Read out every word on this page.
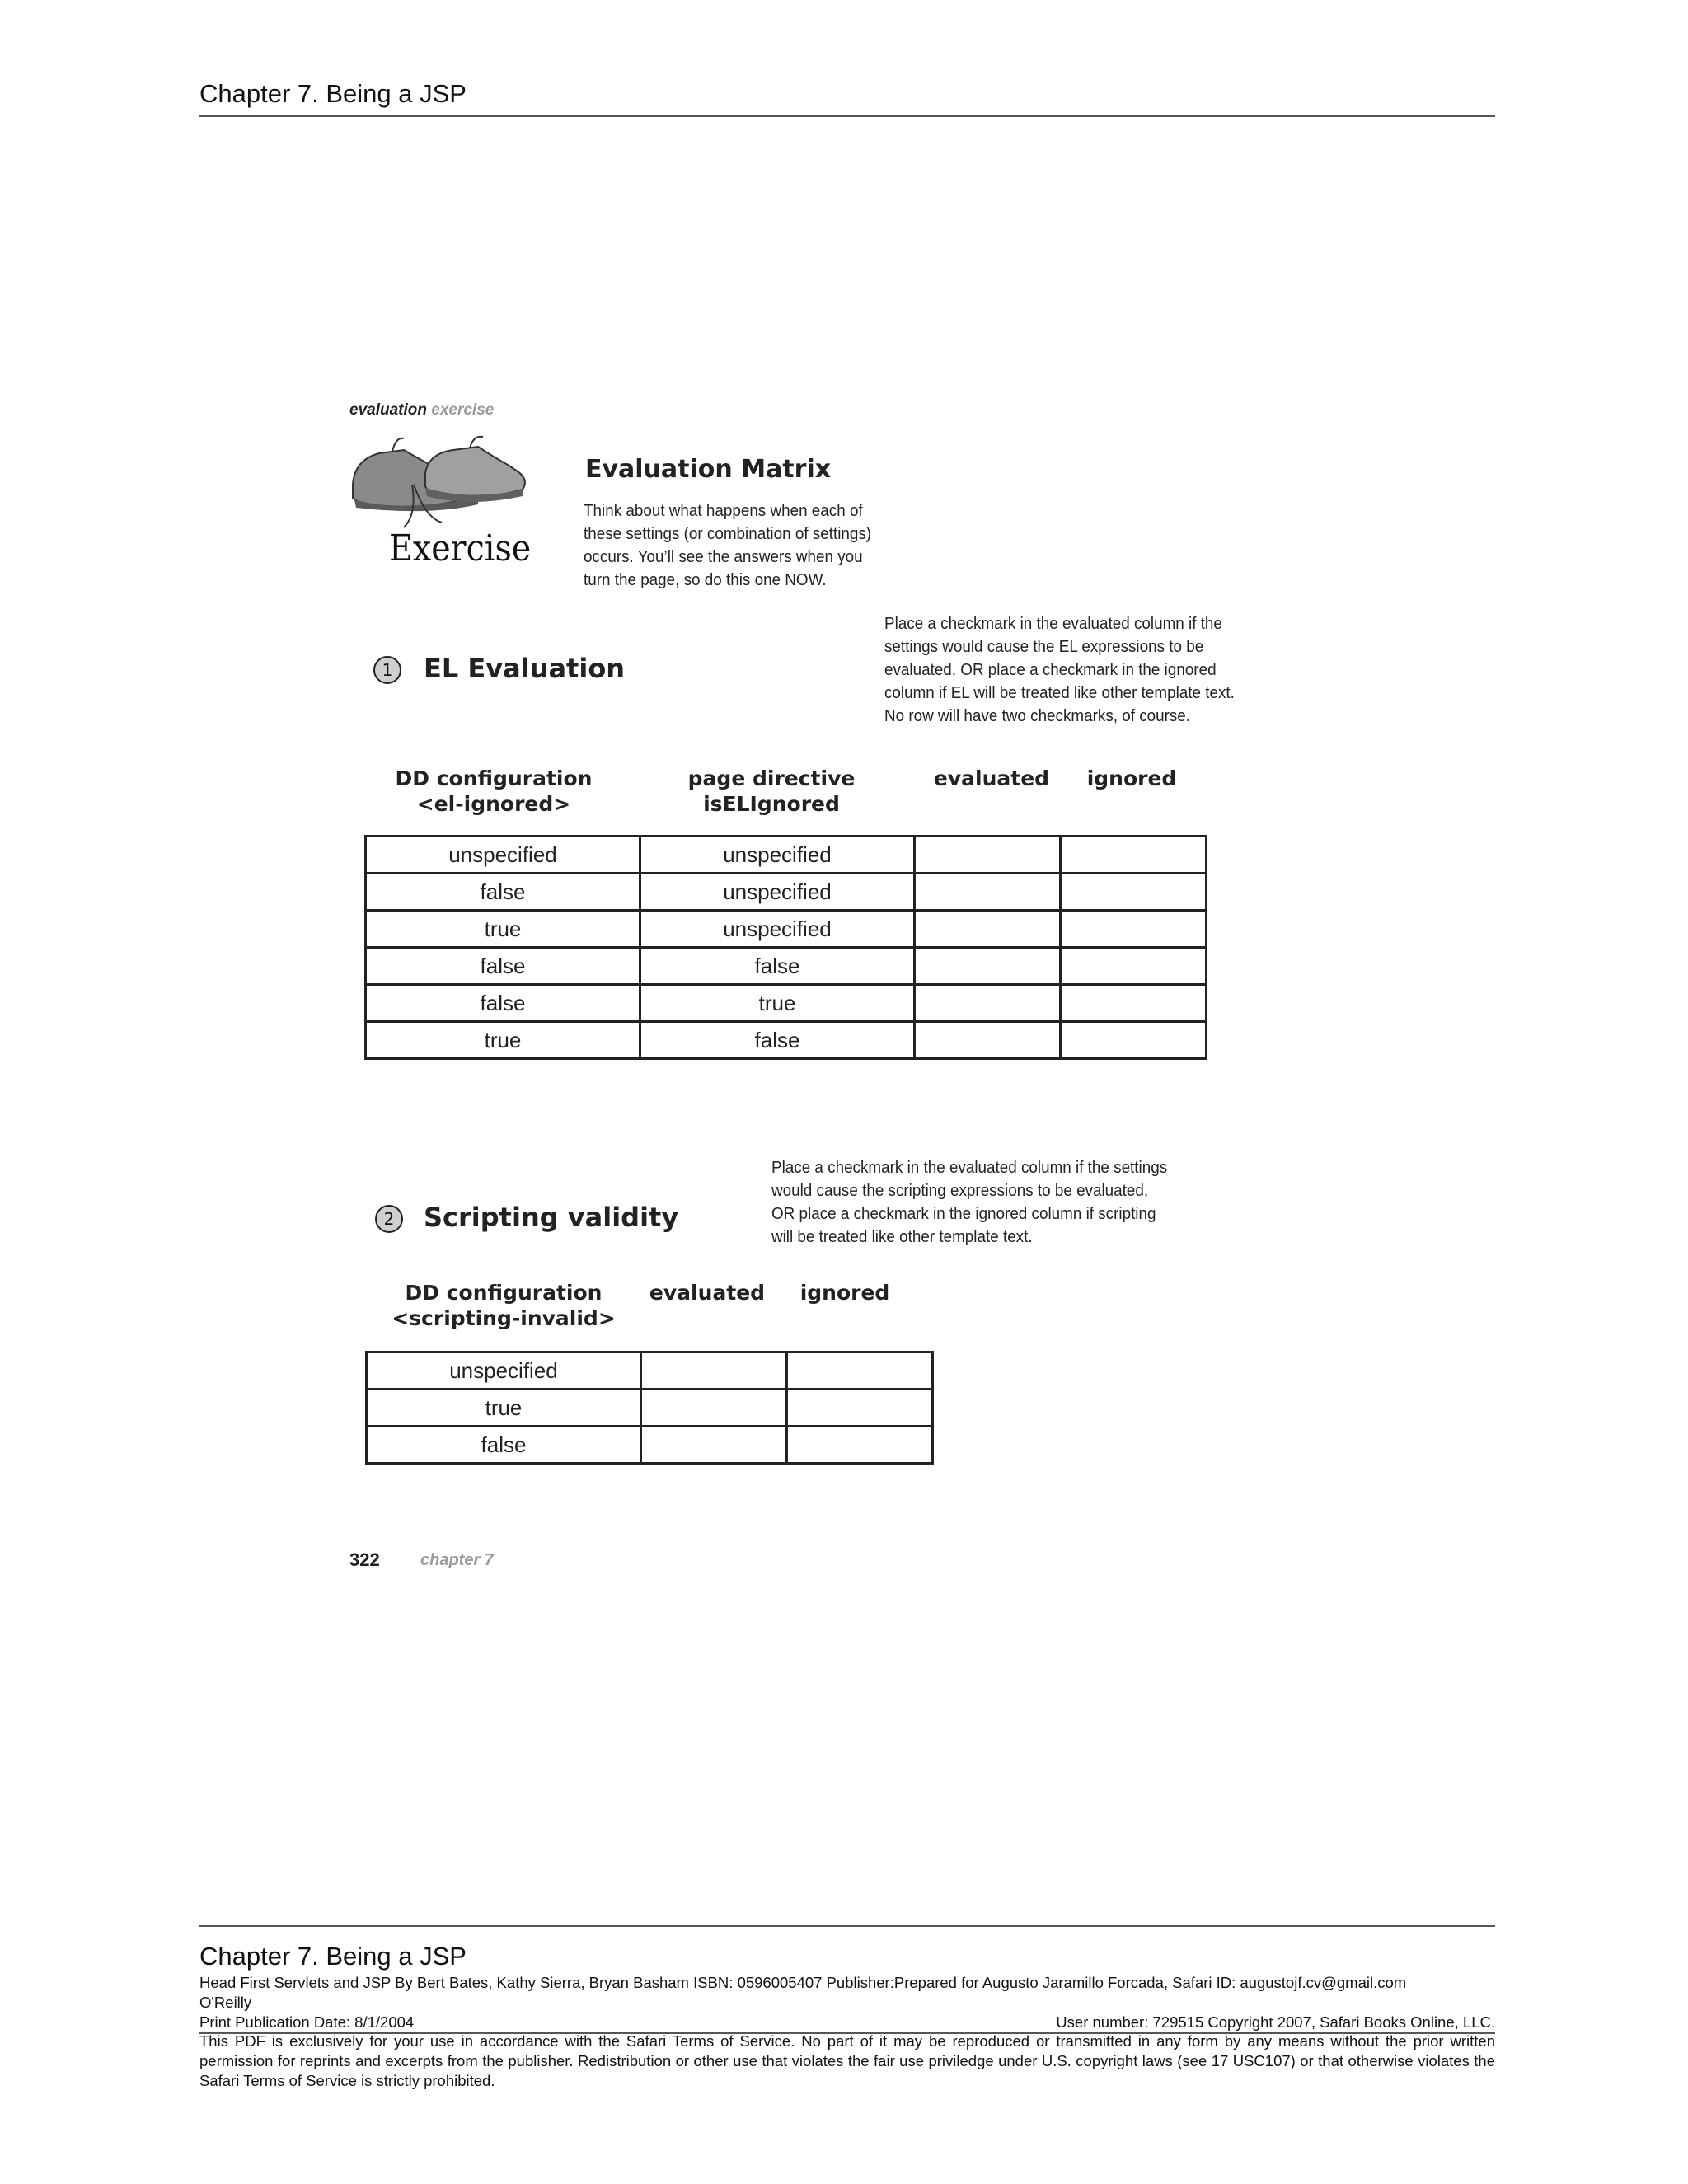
Chapter 7. Being a JSP
evaluation exercise
Exercise
Evaluation Matrix
Think about what happens when each of
these settings (or combination of settings)
occurs. You’ll see the answers when you
turn the page, so do this one NOW.
Place a checkmark in the evaluated column if the
settings would cause the EL expressions to be
evaluated, OR place a checkmark in the ignored
column if EL will be treated like other template text.
No row will have two checkmarks, of course.
1	EL Evaluation
DD configuration
<el-ignored>
page directive
isELIgnored
evaluated	ignored
unspecified	unspecified		
false	unspecified		
true	unspecified		
false	false		
false	true		
true	false		
Place a checkmark in the evaluated column if the settings
would cause the scripting expressions to be evaluated,
OR place a checkmark in the ignored column if scripting
will be treated like other template text.
2	Scripting validity
DD configuration
<scripting-invalid>
evaluated	ignored
unspecified		
true		
false		
322 chapter 7
Chapter 7. Being a JSP
Head First Servlets and JSP By Bert Bates, Kathy Sierra, Bryan Basham ISBN: 0596005407 Publisher:Prepared for Augusto Jaramillo Forcada, Safari ID: augustojf.cv@gmail.com
O'Reilly
Print Publication Date: 8/1/2004	User number: 729515 Copyright 2007, Safari Books Online, LLC.
This PDF is exclusively for your use in accordance with the Safari Terms of Service. No part of it may be reproduced or transmitted in any form by any means without the prior written permission for reprints and excerpts from the publisher. Redistribution or other use that violates the fair use priviledge under U.S. copyright laws (see 17 USC107) or that otherwise violates the Safari Terms of Service is strictly prohibited.
